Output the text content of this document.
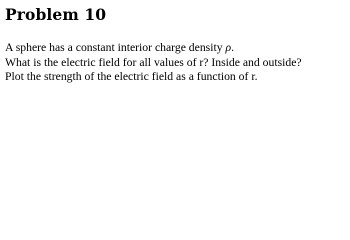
Problem 10
A sphere has a constant interior charge density ρ.
What is the electric field for all values of r? Inside and outside?
Plot the strength of the electric field as a function of r.
